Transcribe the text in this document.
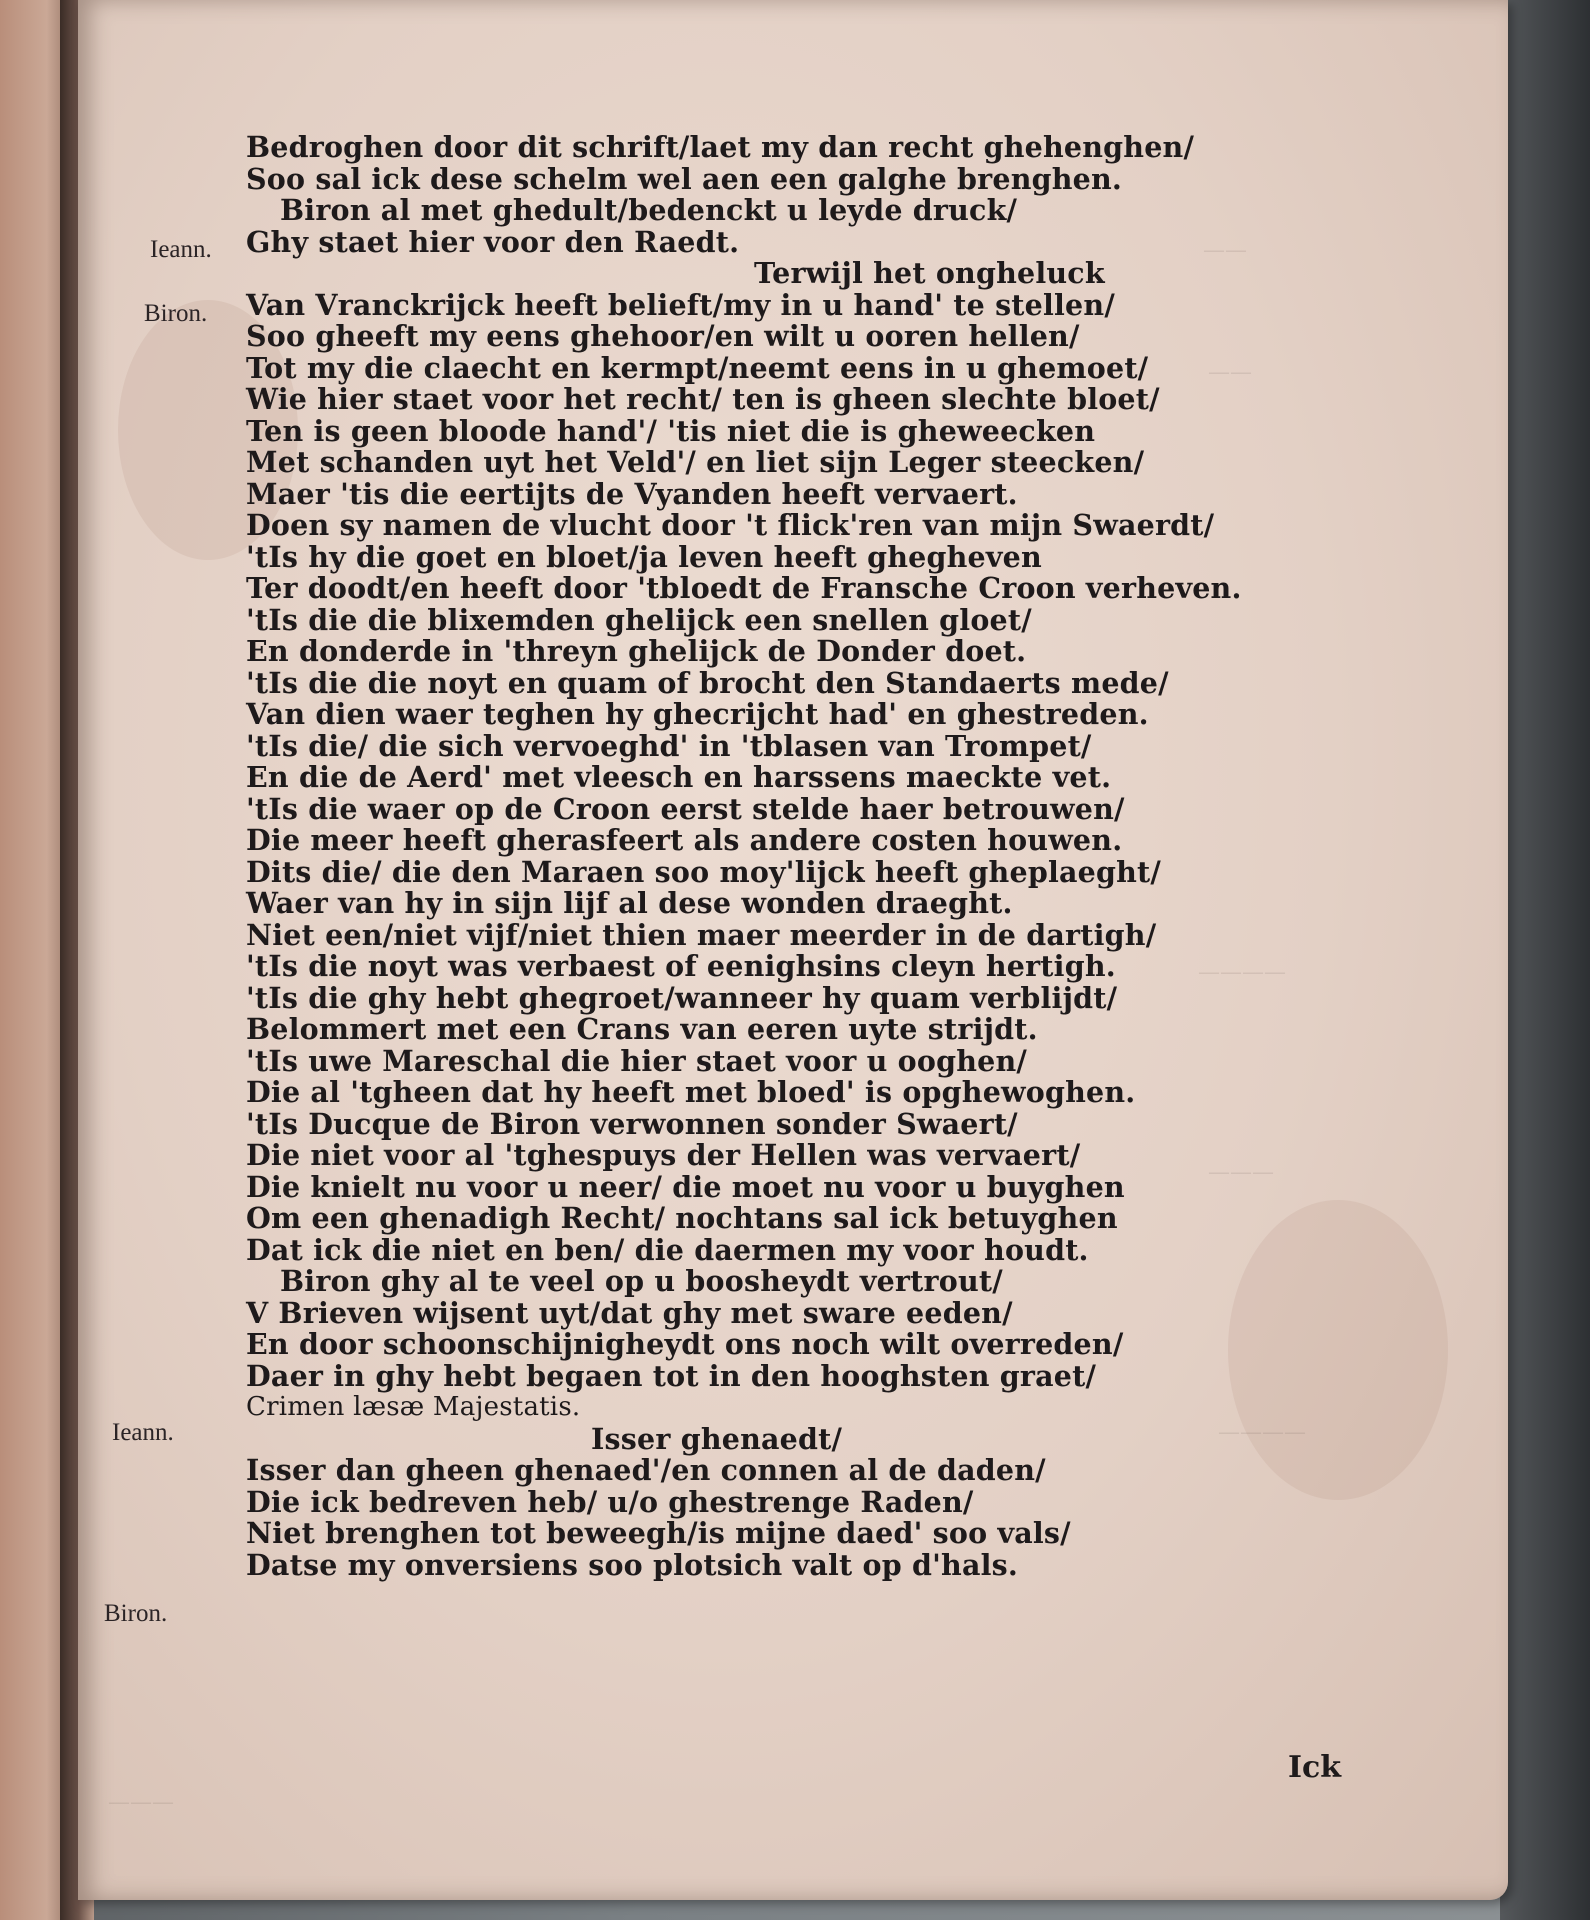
——
——
————
———
————
———
Ieann.
Biron.
Ieann.
Biron.
Bedroghen door dit schrift/laet my dan recht ghehenghen/
Soo sal ick dese schelm wel aen een galghe brenghen.
Biron al met ghedult/bedenckt u leyde druck/
Ghy staet hier voor den Raedt.
Terwijl het ongheluck
Van Vranckrijck heeft belieft/my in u hand' te stellen/
Soo gheeft my eens ghehoor/en wilt u ooren hellen/
Tot my die claecht en kermpt/neemt eens in u ghemoet/
Wie hier staet voor het recht/ ten is gheen slechte bloet/
Ten is geen bloode hand'/ 'tis niet die is gheweecken
Met schanden uyt het Veld'/ en liet sijn Leger steecken/
Maer 'tis die eertijts de Vyanden heeft vervaert.
Doen sy namen de vlucht door 't flick'ren van mijn Swaerdt/
'tIs hy die goet en bloet/ja leven heeft ghegheven
Ter doodt/en heeft door 'tbloedt de Fransche Croon verheven.
'tIs die die blixemden ghelijck een snellen gloet/
En donderde in 'threyn ghelijck de Donder doet.
'tIs die die noyt en quam of brocht den Standaerts mede/
Van dien waer teghen hy ghecrijcht had' en ghestreden.
'tIs die/ die sich vervoeghd' in 'tblasen van Trompet/
En die de Aerd' met vleesch en harssens maeckte vet.
'tIs die waer op de Croon eerst stelde haer betrouwen/
Die meer heeft gherasfeert als andere costen houwen.
Dits die/ die den Maraen soo moy'lijck heeft gheplaeght/
Waer van hy in sijn lijf al dese wonden draeght.
Niet een/niet vijf/niet thien maer meerder in de dartigh/
'tIs die noyt was verbaest of eenighsins cleyn hertigh.
'tIs die ghy hebt ghegroet/wanneer hy quam verblijdt/
Belommert met een Crans van eeren uyte strijdt.
'tIs uwe Mareschal die hier staet voor u ooghen/
Die al 'tgheen dat hy heeft met bloed' is opghewoghen.
'tIs Ducque de Biron verwonnen sonder Swaert/
Die niet voor al 'tghespuys der Hellen was vervaert/
Die knielt nu voor u neer/ die moet nu voor u buyghen
Om een ghenadigh Recht/ nochtans sal ick betuyghen
Dat ick die niet en ben/ die daermen my voor houdt.
Biron ghy al te veel op u boosheydt vertrout/
V Brieven wijsent uyt/dat ghy met sware eeden/
En door schoonschijnigheydt ons noch wilt overreden/
Daer in ghy hebt begaen tot in den hooghsten graet/
Crimen læsæ Majestatis.
Isser ghenaedt/
Isser dan gheen ghenaed'/en connen al de daden/
Die ick bedreven heb/ u/o ghestrenge Raden/
Niet brenghen tot beweegh/is mijne daed' soo vals/
Datse my onversiens soo plotsich valt op d'hals.
Ick
